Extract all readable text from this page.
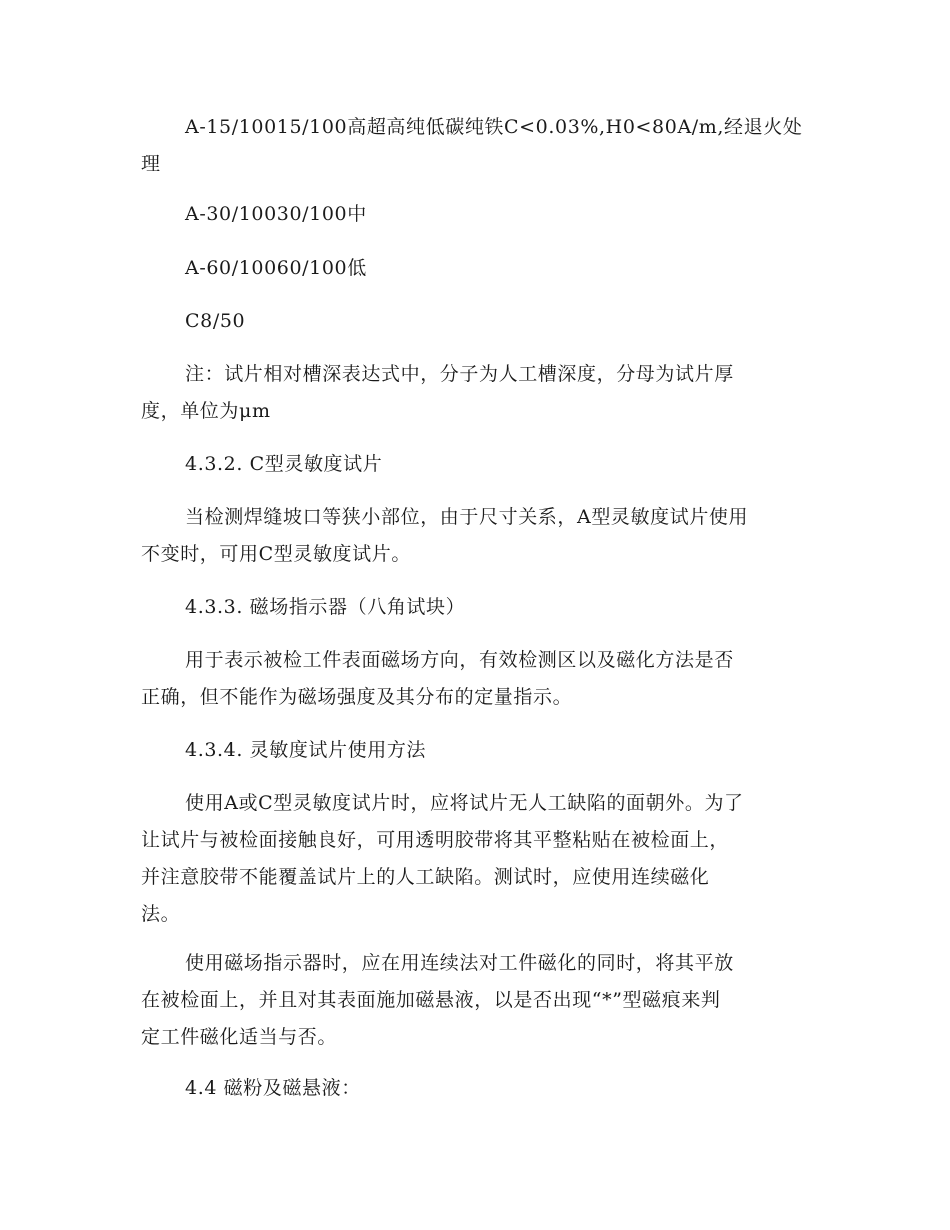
A-15/10015/100高超高纯低碳纯铁C<0.03%,H0<80A/m,经退火处
理

A-30/10030/100中

A-60/10060/100低

C8/50

注：试片相对槽深表达式中，分子为人工槽深度，分母为试片厚
度，单位为μm

4.3.2. C型灵敏度试片

当检测焊缝坡口等狭小部位，由于尺寸关系，A型灵敏度试片使用
不变时，可用C型灵敏度试片。

4.3.3. 磁场指示器（八角试块）

用于表示被检工件表面磁场方向，有效检测区以及磁化方法是否
正确，但不能作为磁场强度及其分布的定量指示。

4.3.4. 灵敏度试片使用方法

使用A或C型灵敏度试片时，应将试片无人工缺陷的面朝外。为了
让试片与被检面接触良好，可用透明胶带将其平整粘贴在被检面上，
并注意胶带不能覆盖试片上的人工缺陷。测试时，应使用连续磁化
法。

使用磁场指示器时，应在用连续法对工件磁化的同时，将其平放
在被检面上，并且对其表面施加磁悬液，以是否出现“*”型磁痕来判
定工件磁化适当与否。

4.4 磁粉及磁悬液：
